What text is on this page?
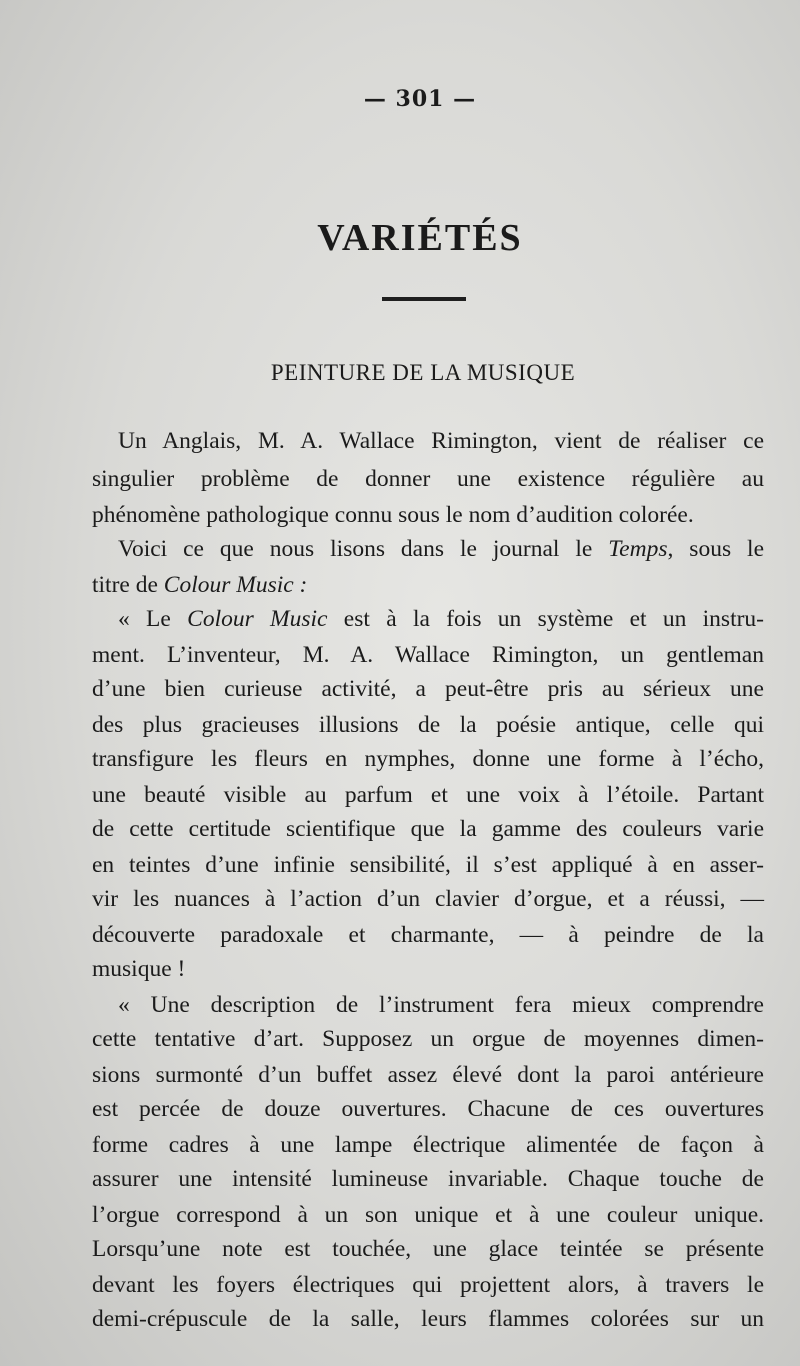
— 301 —
VARIÉTÉS
PEINTURE DE LA MUSIQUE
Un Anglais, M. A. Wallace Rimington, vient de réaliser ce
singulier problème de donner une existence régulière au
phénomène pathologique connu sous le nom d’audition colorée.
Voici ce que nous lisons dans le journal le Temps, sous le
titre de Colour Music :
« Le Colour Music est à la fois un système et un instru-
ment. L’inventeur, M. A. Wallace Rimington, un gentleman
d’une bien curieuse activité, a peut-être pris au sérieux une
des plus gracieuses illusions de la poésie antique, celle qui
transfigure les fleurs en nymphes, donne une forme à l’écho,
une beauté visible au parfum et une voix à l’étoile. Partant
de cette certitude scientifique que la gamme des couleurs varie
en teintes d’une infinie sensibilité, il s’est appliqué à en asser-
vir les nuances à l’action d’un clavier d’orgue, et a réussi, —
découverte paradoxale et charmante, — à peindre de la
musique !
« Une description de l’instrument fera mieux comprendre
cette tentative d’art. Supposez un orgue de moyennes dimen-
sions surmonté d’un buffet assez élevé dont la paroi antérieure
est percée de douze ouvertures. Chacune de ces ouvertures
forme cadres à une lampe électrique alimentée de façon à
assurer une intensité lumineuse invariable. Chaque touche de
l’orgue correspond à un son unique et à une couleur unique.
Lorsqu’une note est touchée, une glace teintée se présente
devant les foyers électriques qui projettent alors, à travers le
demi-crépuscule de la salle, leurs flammes colorées sur un
